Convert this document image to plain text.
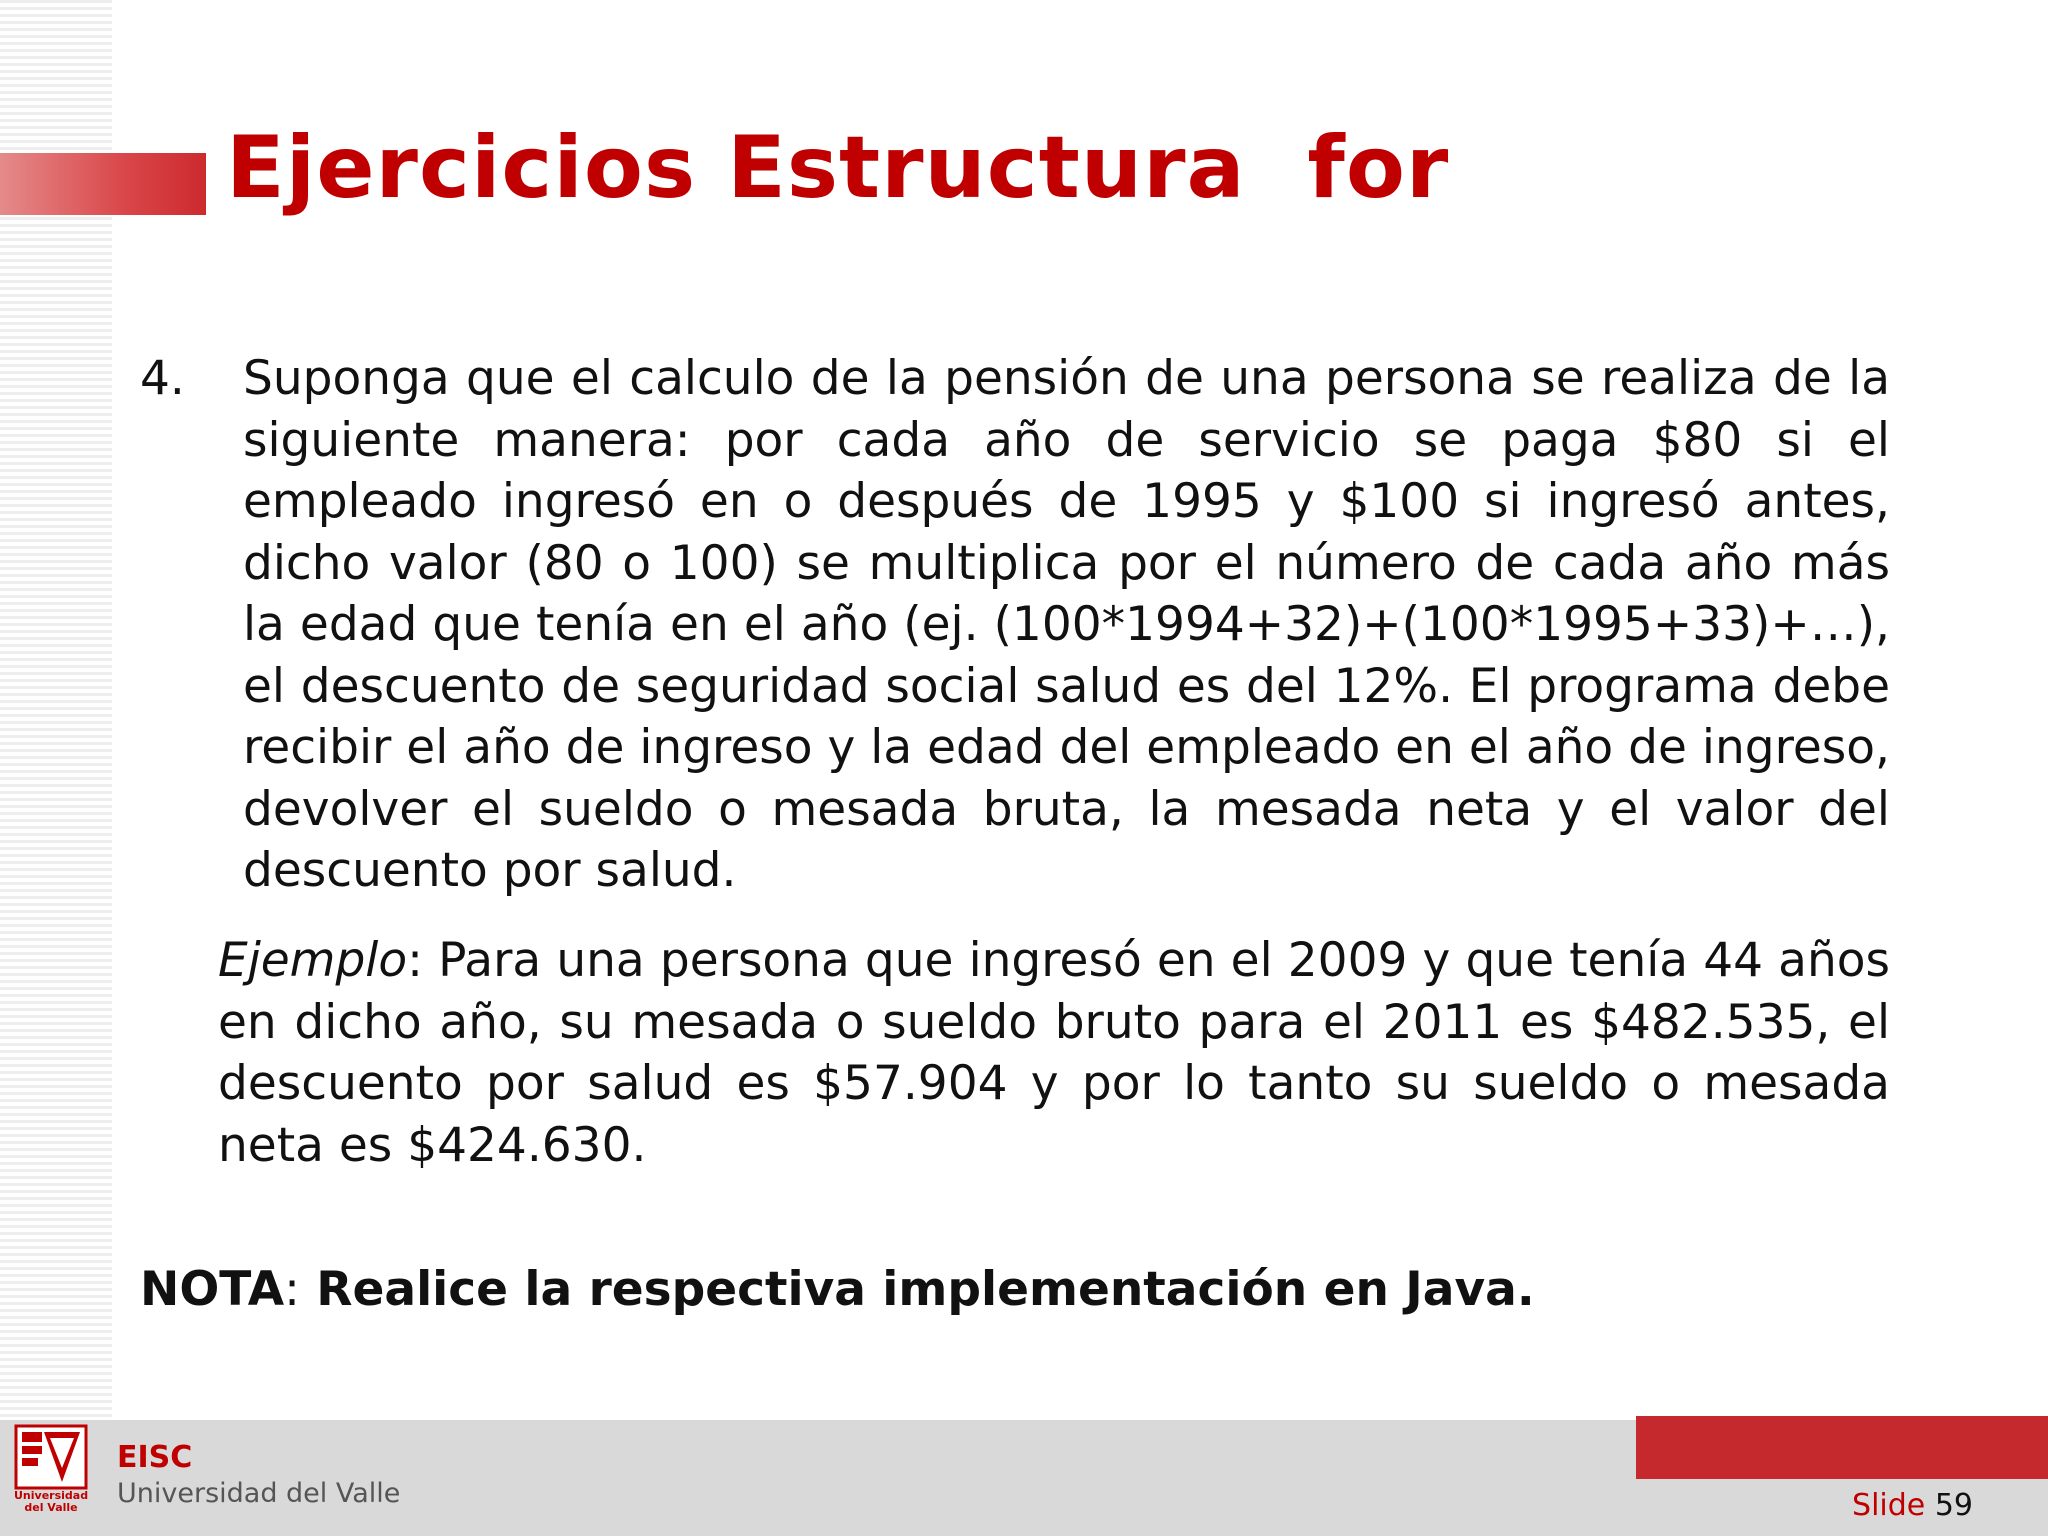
Ejercicios Estructura  for
4. Suponga que el calculo de la pensión de una persona se realiza de la siguiente manera: por cada año de servicio se paga $80 si el empleado ingresó en o después de 1995 y $100 si ingresó antes, dicho valor (80 o 100) se multiplica por el número de cada año más la edad que tenía en el año (ej. (100*1994+32)+(100*1995+33)+…), el descuento de seguridad social salud es del 12%. El programa debe recibir el año de ingreso y la edad del empleado en el año de ingreso, devolver el sueldo o mesada bruta, la mesada neta y el valor del descuento por salud.

Ejemplo: Para una persona que ingresó en el 2009 y que tenía 44 años en dicho año, su mesada o sueldo bruto para el 2011 es $482.535, el descuento por salud es $57.904 y por lo tanto su sueldo o mesada neta es $424.630.

NOTA: Realice la respectiva implementación en Java.

Universidad
del Valle
EISC
Universidad del Valle	Slide 59
